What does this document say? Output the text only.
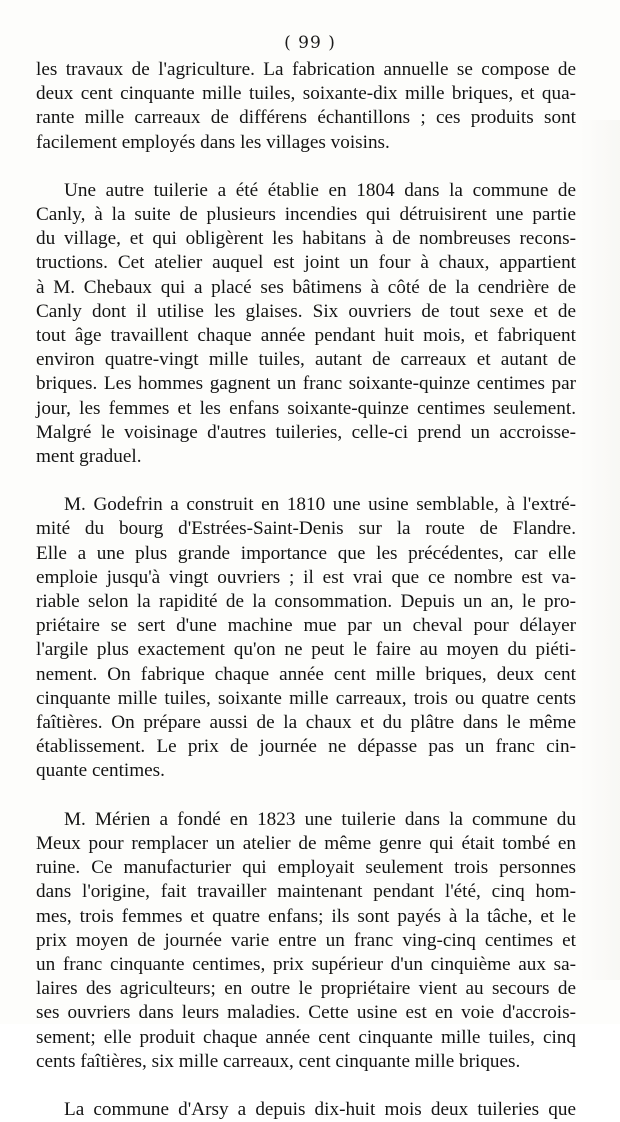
( 99 )
les travaux de l'agriculture. La fabrication annuelle se compose de
deux cent cinquante mille tuiles, soixante-dix mille briques, et qua-
rante mille carreaux de différens échantillons ; ces produits sont
facilement employés dans les villages voisins.
Une autre tuilerie a été établie en 1804 dans la commune de
Canly, à la suite de plusieurs incendies qui détruisirent une partie
du village, et qui obligèrent les habitans à de nombreuses recons-
tructions. Cet atelier auquel est joint un four à chaux, appartient
à M. Chebaux qui a placé ses bâtimens à côté de la cendrière de
Canly dont il utilise les glaises. Six ouvriers de tout sexe et de
tout âge travaillent chaque année pendant huit mois, et fabriquent
environ quatre-vingt mille tuiles, autant de carreaux et autant de
briques. Les hommes gagnent un franc soixante-quinze centimes par
jour, les femmes et les enfans soixante-quinze centimes seulement.
Malgré le voisinage d'autres tuileries, celle-ci prend un accroisse-
ment graduel.
M. Godefrin a construit en 1810 une usine semblable, à l'extré-
mité du bourg d'Estrées-Saint-Denis sur la route de Flandre.
Elle a une plus grande importance que les précédentes, car elle
emploie jusqu'à vingt ouvriers ; il est vrai que ce nombre est va-
riable selon la rapidité de la consommation. Depuis un an, le pro-
priétaire se sert d'une machine mue par un cheval pour délayer
l'argile plus exactement qu'on ne peut le faire au moyen du piéti-
nement. On fabrique chaque année cent mille briques, deux cent
cinquante mille tuiles, soixante mille carreaux, trois ou quatre cents
faîtières. On prépare aussi de la chaux et du plâtre dans le même
établissement. Le prix de journée ne dépasse pas un franc cin-
quante centimes.
M. Mérien a fondé en 1823 une tuilerie dans la commune du
Meux pour remplacer un atelier de même genre qui était tombé en
ruine. Ce manufacturier qui employait seulement trois personnes
dans l'origine, fait travailler maintenant pendant l'été, cinq hom-
mes, trois femmes et quatre enfans; ils sont payés à la tâche, et le
prix moyen de journée varie entre un franc ving-cinq centimes et
un franc cinquante centimes, prix supérieur d'un cinquième aux sa-
laires des agriculteurs; en outre le propriétaire vient au secours de
ses ouvriers dans leurs maladies. Cette usine est en voie d'accrois-
sement; elle produit chaque année cent cinquante mille tuiles, cinq
cents faîtières, six mille carreaux, cent cinquante mille briques.
La commune d'Arsy a depuis dix-huit mois deux tuileries que
